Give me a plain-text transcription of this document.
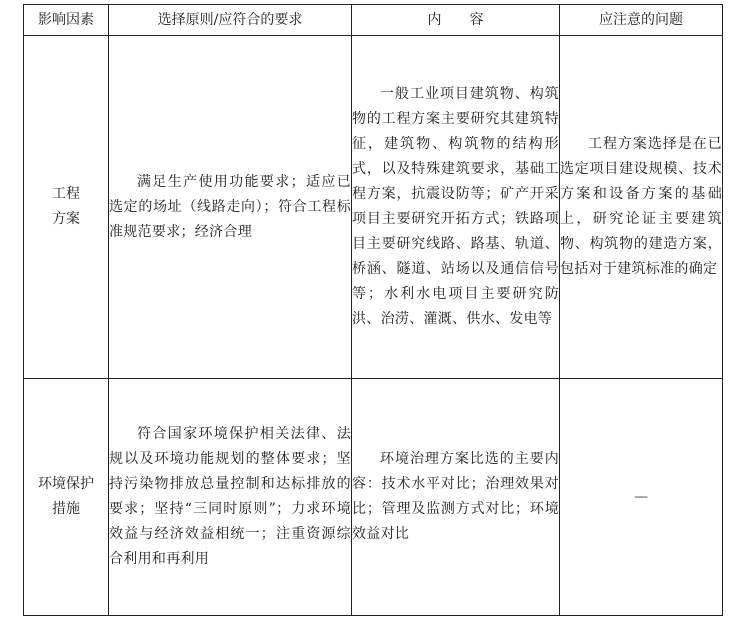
影响因素	选择原则/应符合的要求	内　　容	应注意的问题

工程
方案	满足生产使用功能要求；适应已选定的场址（线路走向）；符合工程标准规范要求；经济合理	一般工业项目建筑物、构筑物的工程方案主要研究其建筑特征，建筑物、构筑物的结构形式，以及特殊建筑要求，基础工程方案，抗震设防等；矿产开采项目主要研究开拓方式；铁路项目主要研究线路、路基、轨道、桥涵、隧道、站场以及通信信号等；水利水电项目主要研究防洪、治涝、灌溉、供水、发电等	工程方案选择是在已选定项目建设规模、技术方案和设备方案的基础上，研究论证主要建筑物、构筑物的建造方案，包括对于建筑标准的确定

环境保护
措施	符合国家环境保护相关法律、法规以及环境功能规划的整体要求；坚持污染物排放总量控制和达标排放的要求；坚持“三同时原则”；力求环境效益与经济效益相统一；注重资源综合利用和再利用	环境治理方案比选的主要内容：技术水平对比；治理效果对比；管理及监测方式对比；环境效益对比	—
